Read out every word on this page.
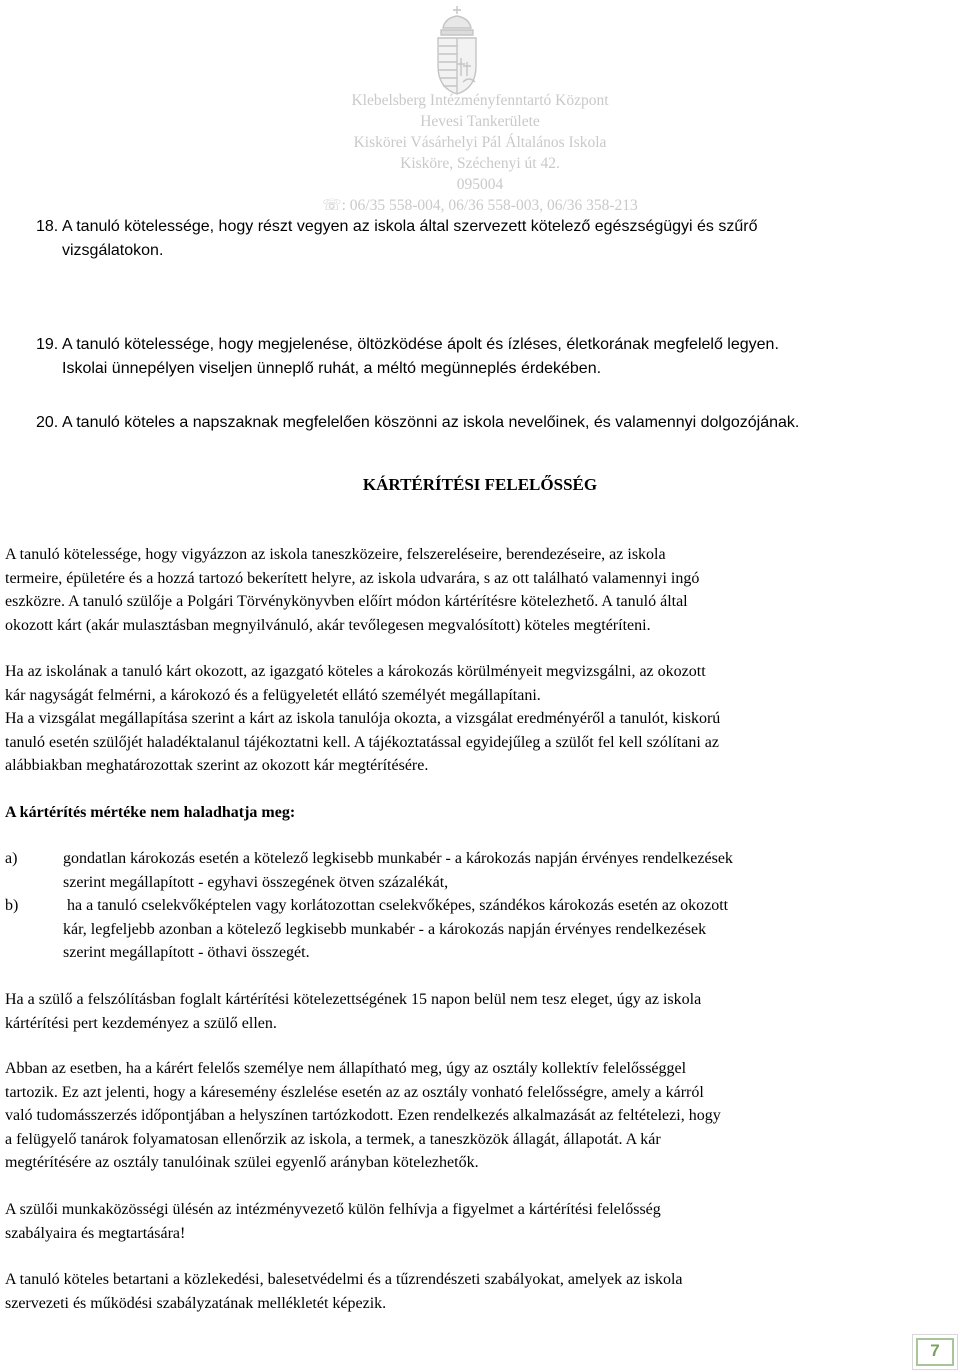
Klebelsberg Intézményfenntartó Központ
Hevesi Tankerülete
Kiskörei Vásárhelyi Pál Általános Iskola
Kisköre, Széchenyi út 42.
095004
☏: 06/35 558-004, 06/36 558-003, 06/36 358-213
18. A tanuló kötelessége, hogy részt vegyen az iskola által szervezett kötelező egészségügyi és szűrő
vizsgálatokon.
19. A tanuló kötelessége, hogy megjelenése, öltözködése ápolt és ízléses, életkorának megfelelő legyen.
Iskolai ünnepélyen viseljen ünneplő ruhát, a méltó megünneplés érdekében.
20. A tanuló köteles a napszaknak megfelelően köszönni az iskola nevelőinek, és valamennyi dolgozójának.
KÁRTÉRÍTÉSI FELELŐSSÉG
A tanuló kötelessége, hogy vigyázzon az iskola taneszközeire, felszereléseire, berendezéseire, az iskola
termeire, épületére és a hozzá tartozó bekerített helyre, az iskola udvarára, s az ott található valamennyi ingó
eszközre. A tanuló szülője a Polgári Törvénykönyvben előírt módon kártérítésre kötelezhető. A tanuló által
okozott kárt (akár mulasztásban megnyilvánuló, akár tevőlegesen megvalósított) köteles megtéríteni.
Ha az iskolának a tanuló kárt okozott, az igazgató köteles a károkozás körülményeit megvizsgálni, az okozott
kár nagyságát felmérni, a károkozó és a felügyeletét ellátó személyét megállapítani.
Ha a vizsgálat megállapítása szerint a kárt az iskola tanulója okozta, a vizsgálat eredményéről a tanulót, kiskorú
tanuló esetén szülőjét haladéktalanul tájékoztatni kell. A tájékoztatással egyidejűleg a szülőt fel kell szólítani az
alábbiakban meghatározottak szerint az okozott kár megtérítésére.
A kártérítés mértéke nem haladhatja meg:
a)	gondatlan károkozás esetén a kötelező legkisebb munkabér - a károkozás napján érvényes rendelkezések
szerint megállapított - egyhavi összegének ötven százalékát,
b)	ha a tanuló cselekvőképtelen vagy korlátozottan cselekvőképes, szándékos károkozás esetén az okozott
kár, legfeljebb azonban a kötelező legkisebb munkabér - a károkozás napján érvényes rendelkezések
szerint megállapított - öthavi összegét.
Ha a szülő a felszólításban foglalt kártérítési kötelezettségének 15 napon belül nem tesz eleget, úgy az iskola
kártérítési pert kezdeményez a szülő ellen.
Abban az esetben, ha a kárért felelős személye nem állapítható meg, úgy az osztály kollektív felelősséggel
tartozik. Ez azt jelenti, hogy a káresemény észlelése esetén az az osztály vonható felelősségre, amely a kárról
való tudomásszerzés időpontjában a helyszínen tartózkodott. Ezen rendelkezés alkalmazását az feltételezi, hogy
a felügyelő tanárok folyamatosan ellenőrzik az iskola, a termek, a taneszközök állagát, állapotát. A kár
megtérítésére az osztály tanulóinak szülei egyenlő arányban kötelezhetők.
A szülői munkaközösségi ülésén az intézményvezető külön felhívja a figyelmet a kártérítési felelősség
szabályaira és megtartására!
A tanuló köteles betartani a közlekedési, balesetvédelmi és a tűzrendészeti szabályokat, amelyek az iskola
szervezeti és működési szabályzatának mellékletét képezik.
7
